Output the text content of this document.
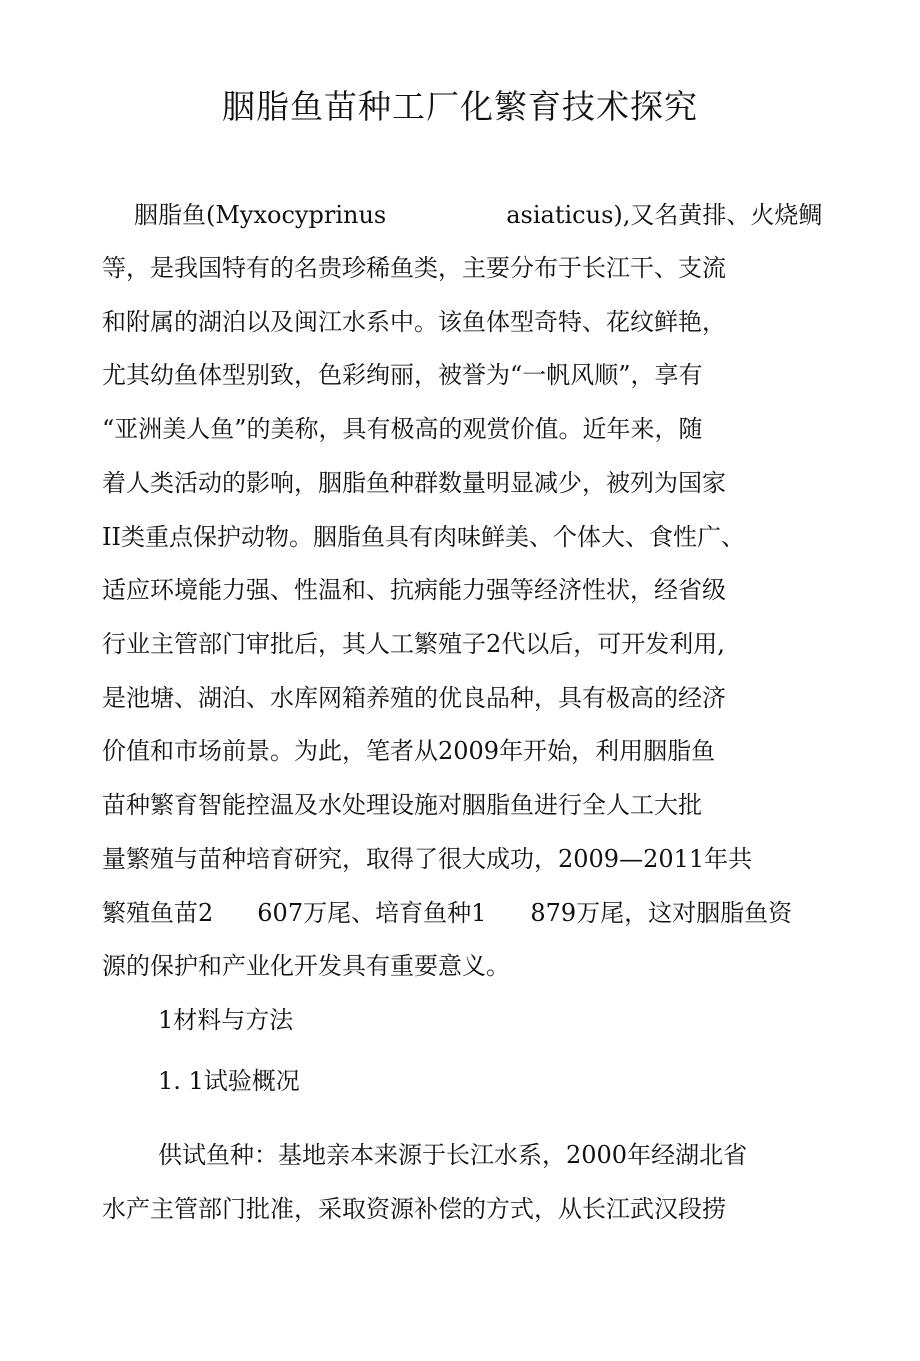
胭脂鱼苗种工厂化繁育技术探究

胭脂鱼(Myxocyprinus	asiaticus),又名黄排、火烧鲷

等，是我国特有的名贵珍稀鱼类，主要分布于长江干、支流

和附属的湖泊以及闽江水系中。该鱼体型奇特、花纹鲜艳，

尤其幼鱼体型别致，色彩绚丽，被誉为“一帆风顺”，享有

“亚洲美人鱼”的美称，具有极高的观赏价值。近年来，随

着人类活动的影响，胭脂鱼种群数量明显减少，被列为国家

II类重点保护动物。胭脂鱼具有肉味鲜美、个体大、食性广、

适应环境能力强、性温和、抗病能力强等经济性状，经省级

行业主管部门审批后，其人工繁殖子2代以后，可开发利用,

是池塘、湖泊、水库网箱养殖的优良品种，具有极高的经济

价值和市场前景。为此，笔者从2009年开始，利用胭脂鱼

苗种繁育智能控温及水处理设施对胭脂鱼进行全人工大批

量繁殖与苗种培育研究，取得了很大成功，2009—2011年共

繁殖鱼苗2 607万尾、培育鱼种1 879万尾，这对胭脂鱼资

源的保护和产业化开发具有重要意义。

1材料与方法

1. 1试验概况

供试鱼种：基地亲本来源于长江水系，2000年经湖北省

水产主管部门批准，采取资源补偿的方式，从长江武汉段捞
